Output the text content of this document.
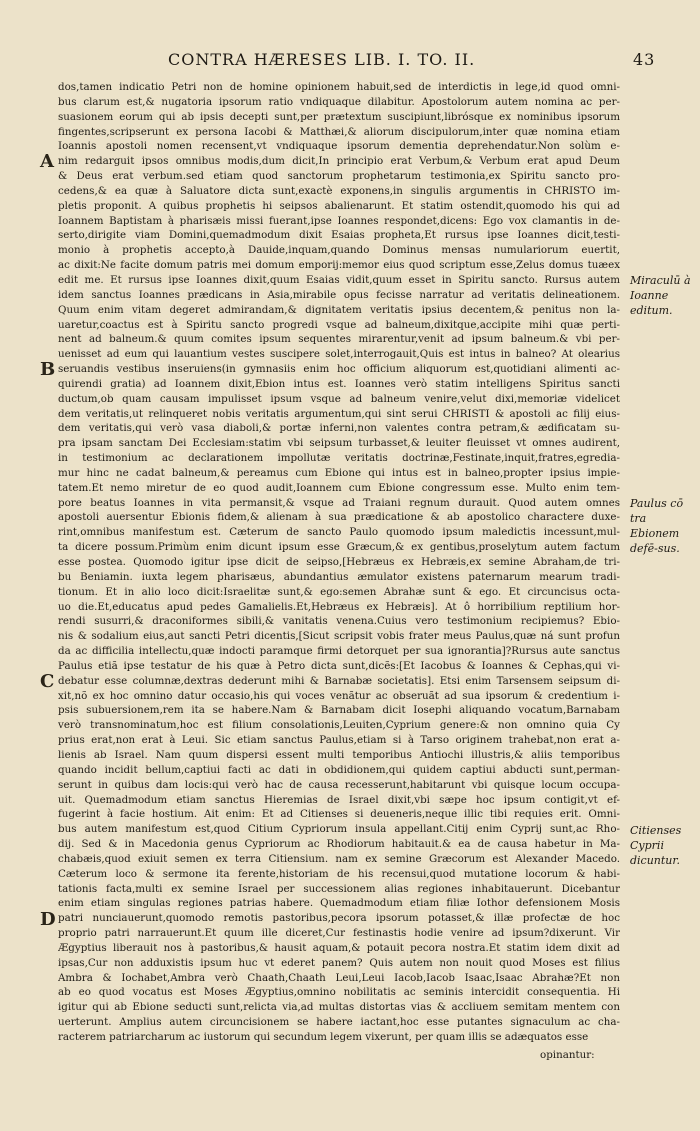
CONTRA HÆRESES LIB. I. TO. II.	43
dos,tamen indicatio Petri non de homine opinionem habuit,sed de interdictis in lege,id quod omni-
bus clarum est,& nugatoria ipsorum ratio vndiquaque dilabitur. Apostolorum autem nomina ac per-
suasionem eorum qui ab ipsis decepti sunt,per prætextum suscipiunt,librósque ex nominibus ipsorum
fingentes,scripserunt ex persona Iacobi & Matthæi,& aliorum discipulorum,inter quæ nomina etiam
Ioannis apostoli nomen recensent,vt vndiquaque ipsorum dementia deprehendatur.Non solùm e-
nim redarguit ipsos omnibus modis,dum dicit,In principio erat Verbum,& Verbum erat apud Deum
& Deus erat verbum.sed etiam quod sanctorum prophetarum testimonia,ex Spiritu sancto pro-
cedens,& ea quæ à Saluatore dicta sunt,exactè exponens,in singulis argumentis in CHRISTO im-
pletis proponit. A quibus prophetis hi seipsos abalienarunt. Et statim ostendit,quomodo his qui ad
Ioannem Baptistam à pharisæis missi fuerant,ipse Ioannes respondet,dicens: Ego vox clamantis in de-
serto,dirigite viam Domini,quemadmodum dixit Esaias propheta,Et rursus ipse Ioannes dicit,testi-
monio à prophetis accepto,à Dauide,inquam,quando Dominus mensas numulariorum euertit,
ac dixit:Ne facite domum patris mei domum emporij:memor eius quod scriptum esse,Zelus domus tuæex
edit me. Et rursus ipse Ioannes dixit,quum Esaias vidit,quum esset in Spiritu sancto. Rursus autem
idem sanctus Ioannes prædicans in Asia,mirabile opus fecisse narratur ad veritatis delineationem.
Quum enim vitam degeret admirandam,& dignitatem veritatis ipsius decentem,& penitus non la-
uaretur,coactus est à Spiritu sancto progredi vsque ad balneum,dixitque,accipite mihi quæ perti-
nent ad balneum.& quum comites ipsum sequentes mirarentur,venit ad ipsum balneum.& vbi per-
uenisset ad eum qui lauantium vestes suscipere solet,interrogauit,Quis est intus in balneo? At olearius
seruandis vestibus inseruiens(in gymnasiis enim hoc officium aliquorum est,quotidiani alimenti ac-
quirendi gratia) ad Ioannem dixit,Ebion intus est. Ioannes verò statim intelligens Spiritus sancti
ductum,ob quam causam impulisset ipsum vsque ad balneum venire,velut dixi,memoriæ videlicet
dem veritatis,ut relinqueret nobis veritatis argumentum,qui sint serui CHRISTI & apostoli ac filij eius-
dem veritatis,qui verò vasa diaboli,& portæ inferni,non valentes contra petram,& ædificatam su-
pra ipsam sanctam Dei Ecclesiam:statim vbi seipsum turbasset,& leuiter fleuisset vt omnes audirent,
in testimonium ac declarationem impollutæ veritatis doctrinæ,Festinate,inquit,fratres,egredia-
mur hinc ne cadat balneum,& pereamus cum Ebione qui intus est in balneo,propter ipsius impie-
tatem.Et nemo miretur de eo quod audit,Ioannem cum Ebione congressum esse. Multo enim tem-
pore beatus Ioannes in vita permansit,& vsque ad Traiani regnum durauit. Quod autem omnes
apostoli auersentur Ebionis fidem,& alienam à sua prædicatione & ab apostolico charactere duxe-
rint,omnibus manifestum est. Cæterum de sancto Paulo quomodo ipsum maledictis incessunt,mul-
ta dicere possum.Primùm enim dicunt ipsum esse Græcum,& ex gentibus,proselytum autem factum
esse postea. Quomodo igitur ipse dicit de seipso,[Hebræus ex Hebræis,ex semine Abraham,de tri-
bu Beniamin. iuxta legem pharisæus, abundantius æmulator existens paternarum mearum tradi-
tionum. Et in alio loco dicit:Israelitæ sunt,& ego:semen Abrahæ sunt & ego. Et circuncisus octa-
uo die.Et,educatus apud pedes Gamalielis.Et,Hebræus ex Hebræis]. At ô horribilium reptilium hor-
rendi susurri,& draconiformes sibili,& vanitatis venena.Cuius vero testimonium recipiemus? Ebio-
nis & sodalium eius,aut sancti Petri dicentis,[Sicut scripsit vobis frater meus Paulus,quæ ná sunt profun
da ac difficilia intellectu,quæ indocti paramque firmi detorquet per sua ignorantia]?Rursus aute sanctus
Paulus etiã ipse testatur de his quæ à Petro dicta sunt,dicẽs:[Et Iacobus & Ioannes & Cephas,qui vi-
debatur esse columnæ,dextras dederunt mihi & Barnabæ societatis]. Etsi enim Tarsensem seipsum di-
xit,nõ ex hoc omnino datur occasio,his qui voces venãtur ac obseruãt ad sua ipsorum & credentium i-
psis subuersionem,rem ita se habere.Nam & Barnabam dicit Iosephi aliquando vocatum,Barnabam
verò transnominatum,hoc est filium consolationis,Leuiten,Cyprium genere:& non omnino quia Cy
prius erat,non erat à Leui. Sic etiam sanctus Paulus,etiam si à Tarso originem trahebat,non erat a-
lienis ab Israel. Nam quum dispersi essent multi temporibus Antiochi illustris,& aliis temporibus
quando incidit bellum,captiui facti ac dati in obdidionem,qui quidem captiui abducti sunt,perman-
serunt in quibus dam locis:qui verò hac de causa recesserunt,habitarunt vbi quisque locum occupa-
uit. Quemadmodum etiam sanctus Hieremias de Israel dixit,vbi sæpe hoc ipsum contigit,vt ef-
fugerint à facie hostium. Ait enim: Et ad Citienses si deueneris,neque illic tibi requies erit. Omni-
bus autem manifestum est,quod Citium Cypriorum insula appellant.Citij enim Cyprij sunt,ac Rho-
dij. Sed & in Macedonia genus Cypriorum ac Rhodiorum habitauit.& ea de causa habetur in Ma-
chabæis,quod exiuit semen ex terra Citiensium. nam ex semine Græcorum est Alexander Macedo.
Cæterum loco & sermone ita ferente,historiam de his recensui,quod mutatione locorum & habi-
tationis facta,multi ex semine Israel per successionem alias regiones inhabitauerunt. Dicebantur
enim etiam singulas regiones patrias habere. Quemadmodum etiam filiæ Iothor defensionem Mosis
patri nunciauerunt,quomodo remotis pastoribus,pecora ipsorum potasset,& illæ profectæ de hoc
proprio patri narrauerunt.Et quum ille diceret,Cur festinastis hodie venire ad ipsum?dixerunt. Vir
Ægyptius liberauit nos à pastoribus,& hausit aquam,& potauit pecora nostra.Et statim idem dixit ad
ipsas,Cur non adduxistis ipsum huc vt ederet panem? Quis autem non nouit quod Moses est filius
Ambra & Iochabet,Ambra verò Chaath,Chaath Leui,Leui Iacob,Iacob Isaac,Isaac Abrahæ?Et non
ab eo quod vocatus est Moses Ægyptius,omnino nobilitatis ac seminis intercidit consequentia. Hi
igitur qui ab Ebione seducti sunt,relicta via,ad multas distortas vias & accliuem semitam mentem con
uerterunt. Amplius autem circuncisionem se habere iactant,hoc esse putantes signaculum ac cha-
racterem patriarcharum ac iustorum qui secundum legem vixerunt, per quam illis se adæquatos esse
A
B
C
D
Miraculū à Ioanne editum.
Paulus cō tra Ebionem defē-sus.
Citienses Cyprii dicuntur.
opinantur:
